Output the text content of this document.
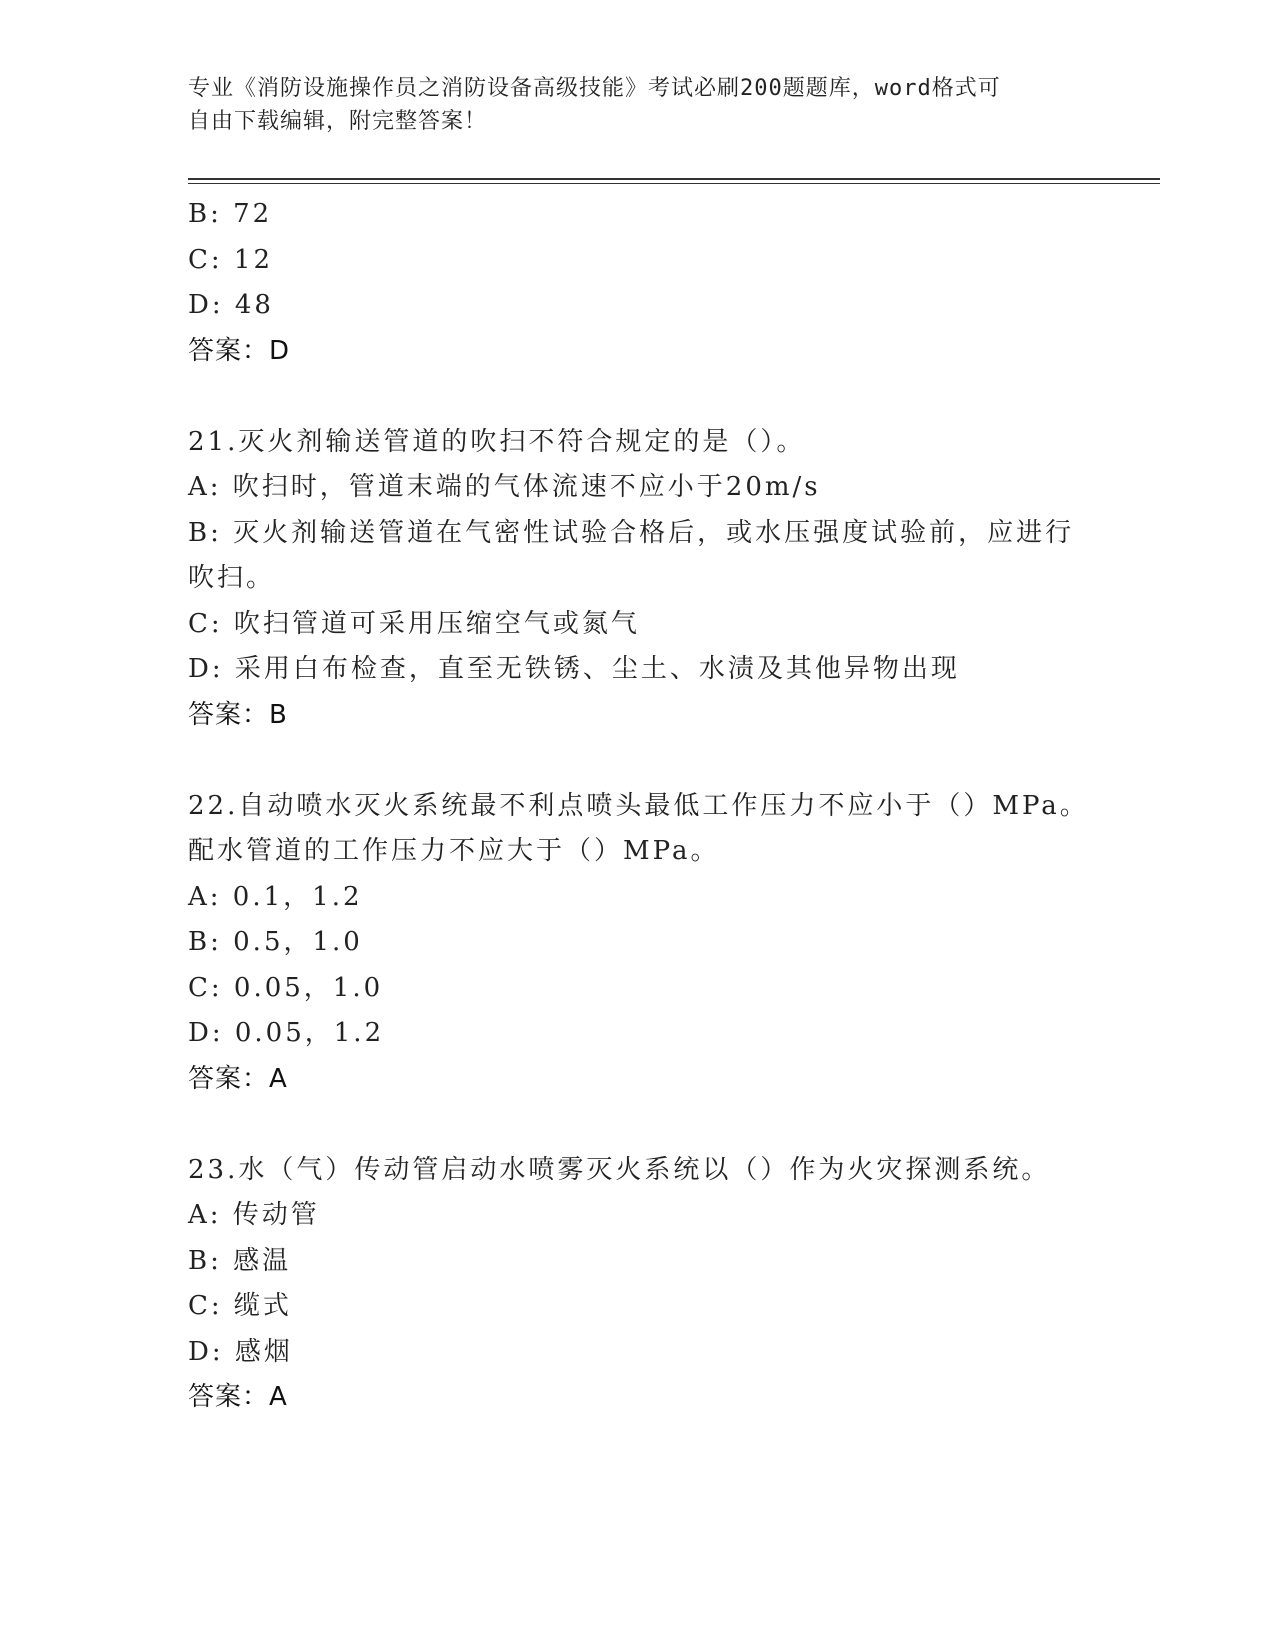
专业《消防设施操作员之消防设备高级技能》考试必刷200题题库，word格式可
自由下载编辑，附完整答案！
B: 72
C: 12
D: 48
答案：D
21.灭火剂输送管道的吹扫不符合规定的是（）。
A: 吹扫时，管道末端的气体流速不应小于20m/s
B: 灭火剂输送管道在气密性试验合格后，或水压强度试验前，应进行
吹扫。
C: 吹扫管道可采用压缩空气或氮气
D: 采用白布检查，直至无铁锈、尘土、水渍及其他异物出现
答案：B
22.自动喷水灭火系统最不利点喷头最低工作压力不应小于（）MPa。
配水管道的工作压力不应大于（）MPa。
A: 0.1，1.2
B: 0.5，1.0
C: 0.05，1.0
D: 0.05，1.2
答案：A
23.水（气）传动管启动水喷雾灭火系统以（）作为火灾探测系统。
A: 传动管
B: 感温
C: 缆式
D: 感烟
答案：A
